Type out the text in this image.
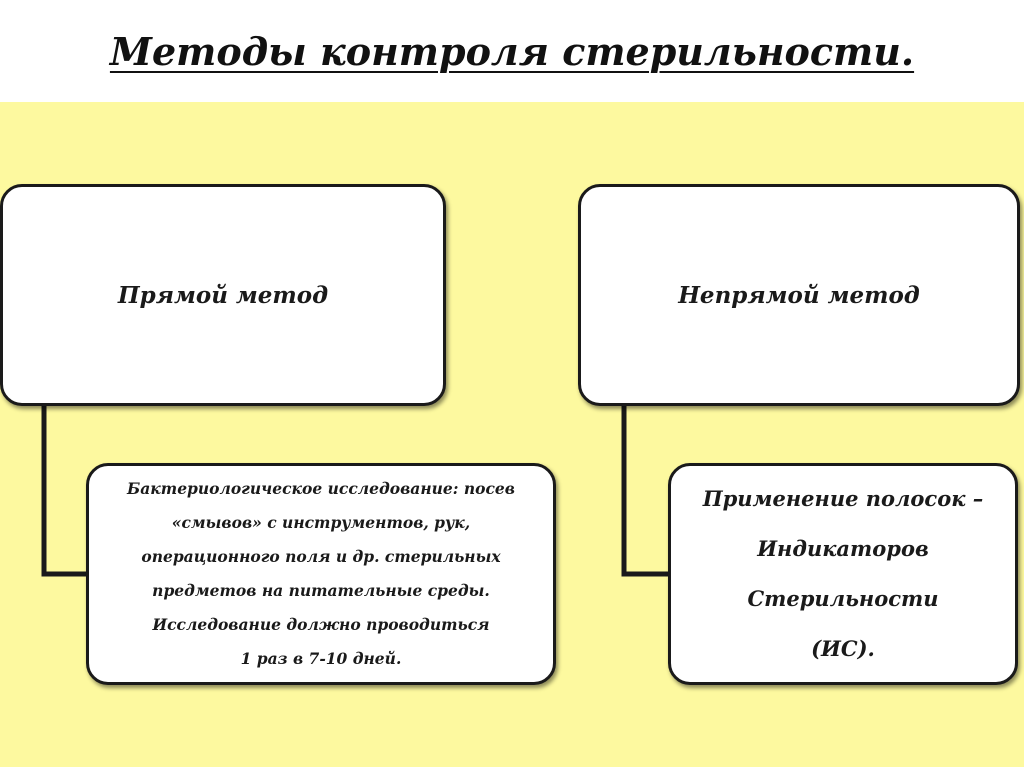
Методы контроля стерильности.
Прямой метод	Непрямой метод
Бактериологическое исследование: посев
«смывов» с инструментов, рук,
операционного поля и др. стерильных
предметов на питательные среды.
Исследование должно проводиться
1 раз в 7-10 дней.
Применение полосок –
Индикаторов
Стерильности
(ИС).
